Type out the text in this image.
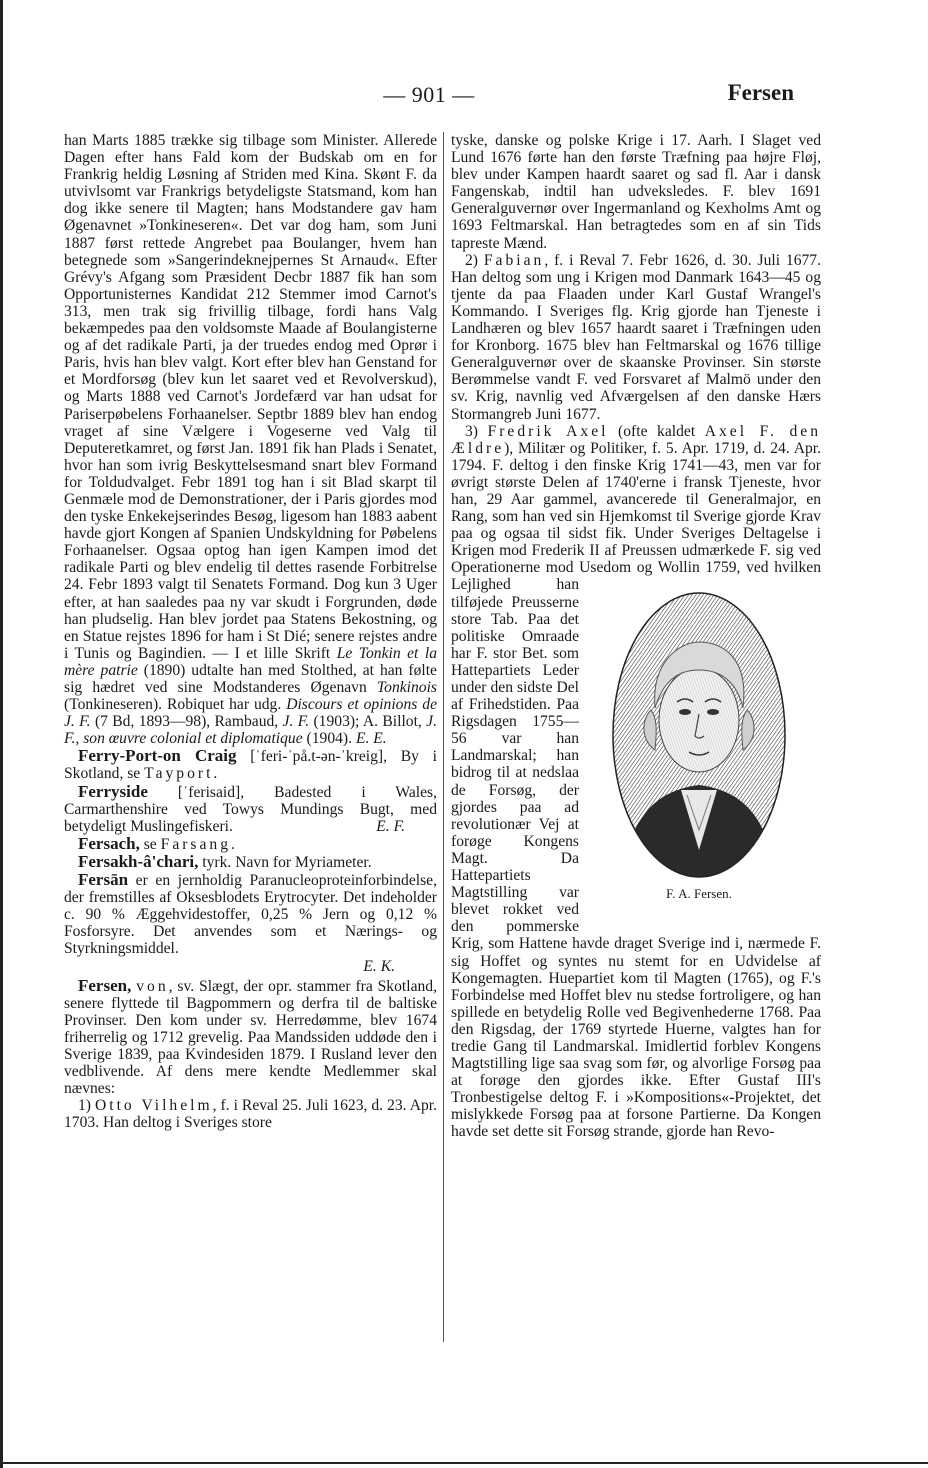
— 901 —	Fersen

han Marts 1885 trække sig tilbage som Minister. Allerede Dagen efter hans Fald kom der Budskab om en for Frankrig heldig Løsning af Striden med Kina. Skønt F. da utvivlsomt var Frankrigs betydeligste Statsmand, kom han dog ikke senere til Magten; hans Modstandere gav ham Øgenavnet »Tonkineseren«. Det var dog ham, som Juni 1887 først rettede Angrebet paa Boulanger, hvem han betegnede som »Sangerindeknejpernes St Arnaud«. Efter Grévy's Afgang som Præsident Decbr 1887 fik han som Opportunisternes Kandidat 212 Stemmer imod Carnot's 313, men trak sig frivillig tilbage, fordi hans Valg bekæmpedes paa den voldsomste Maade af Boulangisterne og af det radikale Parti, ja der truedes endog med Oprør i Paris, hvis han blev valgt. Kort efter blev han Genstand for et Mordforsøg (blev kun let saaret ved et Revolverskud), og Marts 1888 ved Carnot's Jordefærd var han udsat for Pariserpøbelens Forhaanelser. Septbr 1889 blev han endog vraget af sine Vælgere i Vogeserne ved Valg til Deputeretkamret, og først Jan. 1891 fik han Plads i Senatet, hvor han som ivrig Beskyttelsesmand snart blev Formand for Toldudvalget. Febr 1891 tog han i sit Blad skarpt til Genmæle mod de Demonstrationer, der i Paris gjordes mod den tyske Enkekejserindes Besøg, ligesom han 1883 aabent havde gjort Kongen af Spanien Undskyldning for Pøbelens Forhaanelser. Ogsaa optog han igen Kampen imod det radikale Parti og blev endelig til dettes rasende Forbitrelse 24. Febr 1893 valgt til Senatets Formand. Dog kun 3 Uger efter, at han saaledes paa ny var skudt i Forgrunden, døde han pludselig. Han blev jordet paa Statens Bekostning, og en Statue rejstes 1896 for ham i St Dié; senere rejstes andre i Tunis og Bagindien. — I et lille Skrift Le Tonkin et la mère patrie (1890) udtalte han med Stolthed, at han følte sig hædret ved sine Modstanderes Øgenavn Tonkinois (Tonkineseren). Robiquet har udg. Discours et opinions de J. F. (7 Bd, 1893—98), Rambaud, J. F. (1903); A. Billot, J. F., son œuvre colonial et diplomatique (1904). E. E.

Ferry-Port-on Craig [ˈferi-ˈpå.t-ən-ˈkreig], By i Skotland, se Tayport.

Ferryside [ˈferisaid], Badested i Wales, Carmarthenshire ved Towys Mundings Bugt, med betydeligt Muslingefiskeri.	E. F.

Fersach, se Farsang.

Fersakh-â'chari, tyrk. Navn for Myriameter.

Fersān er en jernholdig Paranucleoproteinforbindelse, der fremstilles af Oksesblodets Erytrocyter. Det indeholder c. 90 % Æggehvidestoffer, 0,25 % Jern og 0,12 % Fosforsyre. Det anvendes som et Nærings- og Styrkningsmiddel.

E. K.

Fersen, von, sv. Slægt, der opr. stammer fra Skotland, senere flyttede til Bagpommern og derfra til de baltiske Provinser. Den kom under sv. Herredømme, blev 1674 friherrelig og 1712 grevelig. Paa Mandssiden uddøde den i Sverige 1839, paa Kvindesiden 1879. I Rusland lever den vedblivende. Af dens mere kendte Medlemmer skal nævnes:

1) Otto Vilhelm, f. i Reval 25. Juli 1623, d. 23. Apr. 1703. Han deltog i Sveriges store

tyske, danske og polske Krige i 17. Aarh. I Slaget ved Lund 1676 førte han den første Træfning paa højre Fløj, blev under Kampen haardt saaret og sad fl. Aar i dansk Fangenskab, indtil han udveksledes. F. blev 1691 Generalguvernør over Ingermanland og Kexholms Amt og 1693 Feltmarskal. Han betragtedes som en af sin Tids tapreste Mænd.

2) Fabian, f. i Reval 7. Febr 1626, d. 30. Juli 1677. Han deltog som ung i Krigen mod Danmark 1643—45 og tjente da paa Flaaden under Karl Gustaf Wrangel's Kommando. I Sveriges flg. Krig gjorde han Tjeneste i Landhæren og blev 1657 haardt saaret i Træfningen uden for Kronborg. 1675 blev han Feltmarskal og 1676 tillige Generalguvernør over de skaanske Provinser. Sin største Berømmelse vandt F. ved Forsvaret af Malmö under den sv. Krig, navnlig ved Afværgelsen af den danske Hærs Stormangreb Juni 1677.

3) Fredrik Axel (ofte kaldet Axel F. den Ældre), Militær og Politiker, f. 5. Apr. 1719, d. 24. Apr. 1794. F. deltog i den finske Krig 1741—43, men var for øvrigt største Delen af 1740'erne i fransk Tjeneste, hvor han, 29 Aar gammel, avancerede til Generalmajor, en Rang, som han ved sin Hjemkomst til Sverige gjorde Krav paa og ogsaa til sidst fik. Under Sveriges Deltagelse i Krigen mod Frederik II af Preussen udmærkede F. sig ved Operationerne mod Usedom og Wollin 1759, ved hvilken Lejlighed han tilføjede Preusserne store Tab. Paa det politiske Omraade har F. stor Bet. som Hattepartiets Leder under den sidste Del af Frihedstiden. Paa Rigsdagen 1755—56 var han Landmarskal; han bidrog til at nedslaa de Forsøg, der gjordes paa ad revolutionær Vej at forøge Kongens Magt. Da Hattepartiets Magtstilling var blevet rokket ved den pommerske Krig, som Hattene havde draget Sverige ind i, nærmede F. sig Hoffet og syntes nu stemt for en Udvidelse af Kongemagten. Huepartiet kom til Magten (1765), og F.'s Forbindelse med Hoffet blev nu stedse fortroligere, og han spillede en betydelig Rolle ved Begivenhederne 1768. Paa den Rigsdag, der 1769 styrtede Huerne, valgtes han for tredie Gang til Landmarskal. Imidlertid forblev Kongens Magtstilling lige saa svag som før, og alvorlige Forsøg paa at forøge den gjordes ikke. Efter Gustaf III's Tronbestigelse deltog F. i »Kompositions«-Projektet, det mislykkede Forsøg paa at forsone Partierne. Da Kongen havde set dette sit Forsøg strande, gjorde han Revo-

F. A. Fersen.
